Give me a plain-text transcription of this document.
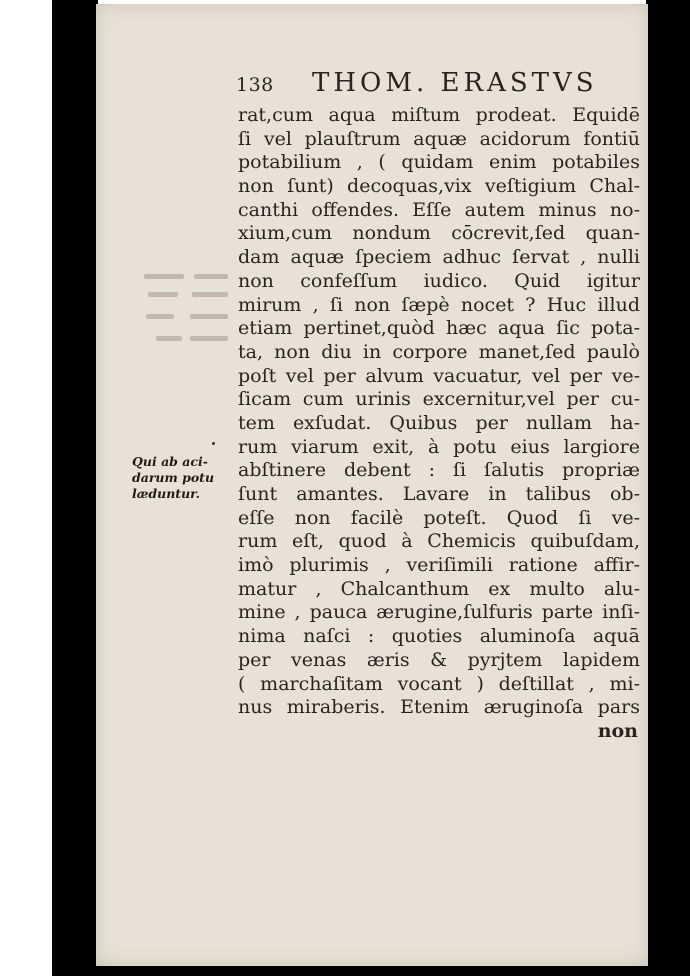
138 THOM. ERASTVS
Qui ab aci-
darum potu
læduntur.
rat,cum aqua miſtum prodeat. Equidē
ſi vel plauſtrum aquæ acidorum fontiū
potabilium , ( quidam enim potabiles
non ſunt) decoquas,vix veſtigium Chal-
canthi offendes. Eſſe autem minus no-
xium,cum nondum cōcrevit,ſed quan-
dam aquæ ſpeciem adhuc ſervat , nulli
non confeſſum iudico. Quid igitur
mirum , ſi non ſæpè nocet ? Huc illud
etiam pertinet,quòd hæc aqua ſic pota-
ta, non diu in corpore manet,ſed paulò
poſt vel per alvum vacuatur, vel per ve-
ſicam cum urinis excernitur,vel per cu-
tem exſudat. Quibus per nullam ha-
rum viarum exit, à potu eius largiore
abſtinere debent : ſi ſalutis propriæ
ſunt amantes. Lavare in talibus ob-
eſſe non facilè poteſt. Quod ſi ve-
rum eſt, quod à Chemicis quibuſdam,
imò plurimis , veriſimili ratione affir-
matur , Chalcanthum ex multo alu-
mine , pauca ærugine,ſulfuris parte inſi-
nima naſci : quoties aluminoſa aquā
per venas æris & pyrjtem lapidem
( marchaſitam vocant ) deſtillat , mi-
nus miraberis. Etenim æruginoſa pars
non
